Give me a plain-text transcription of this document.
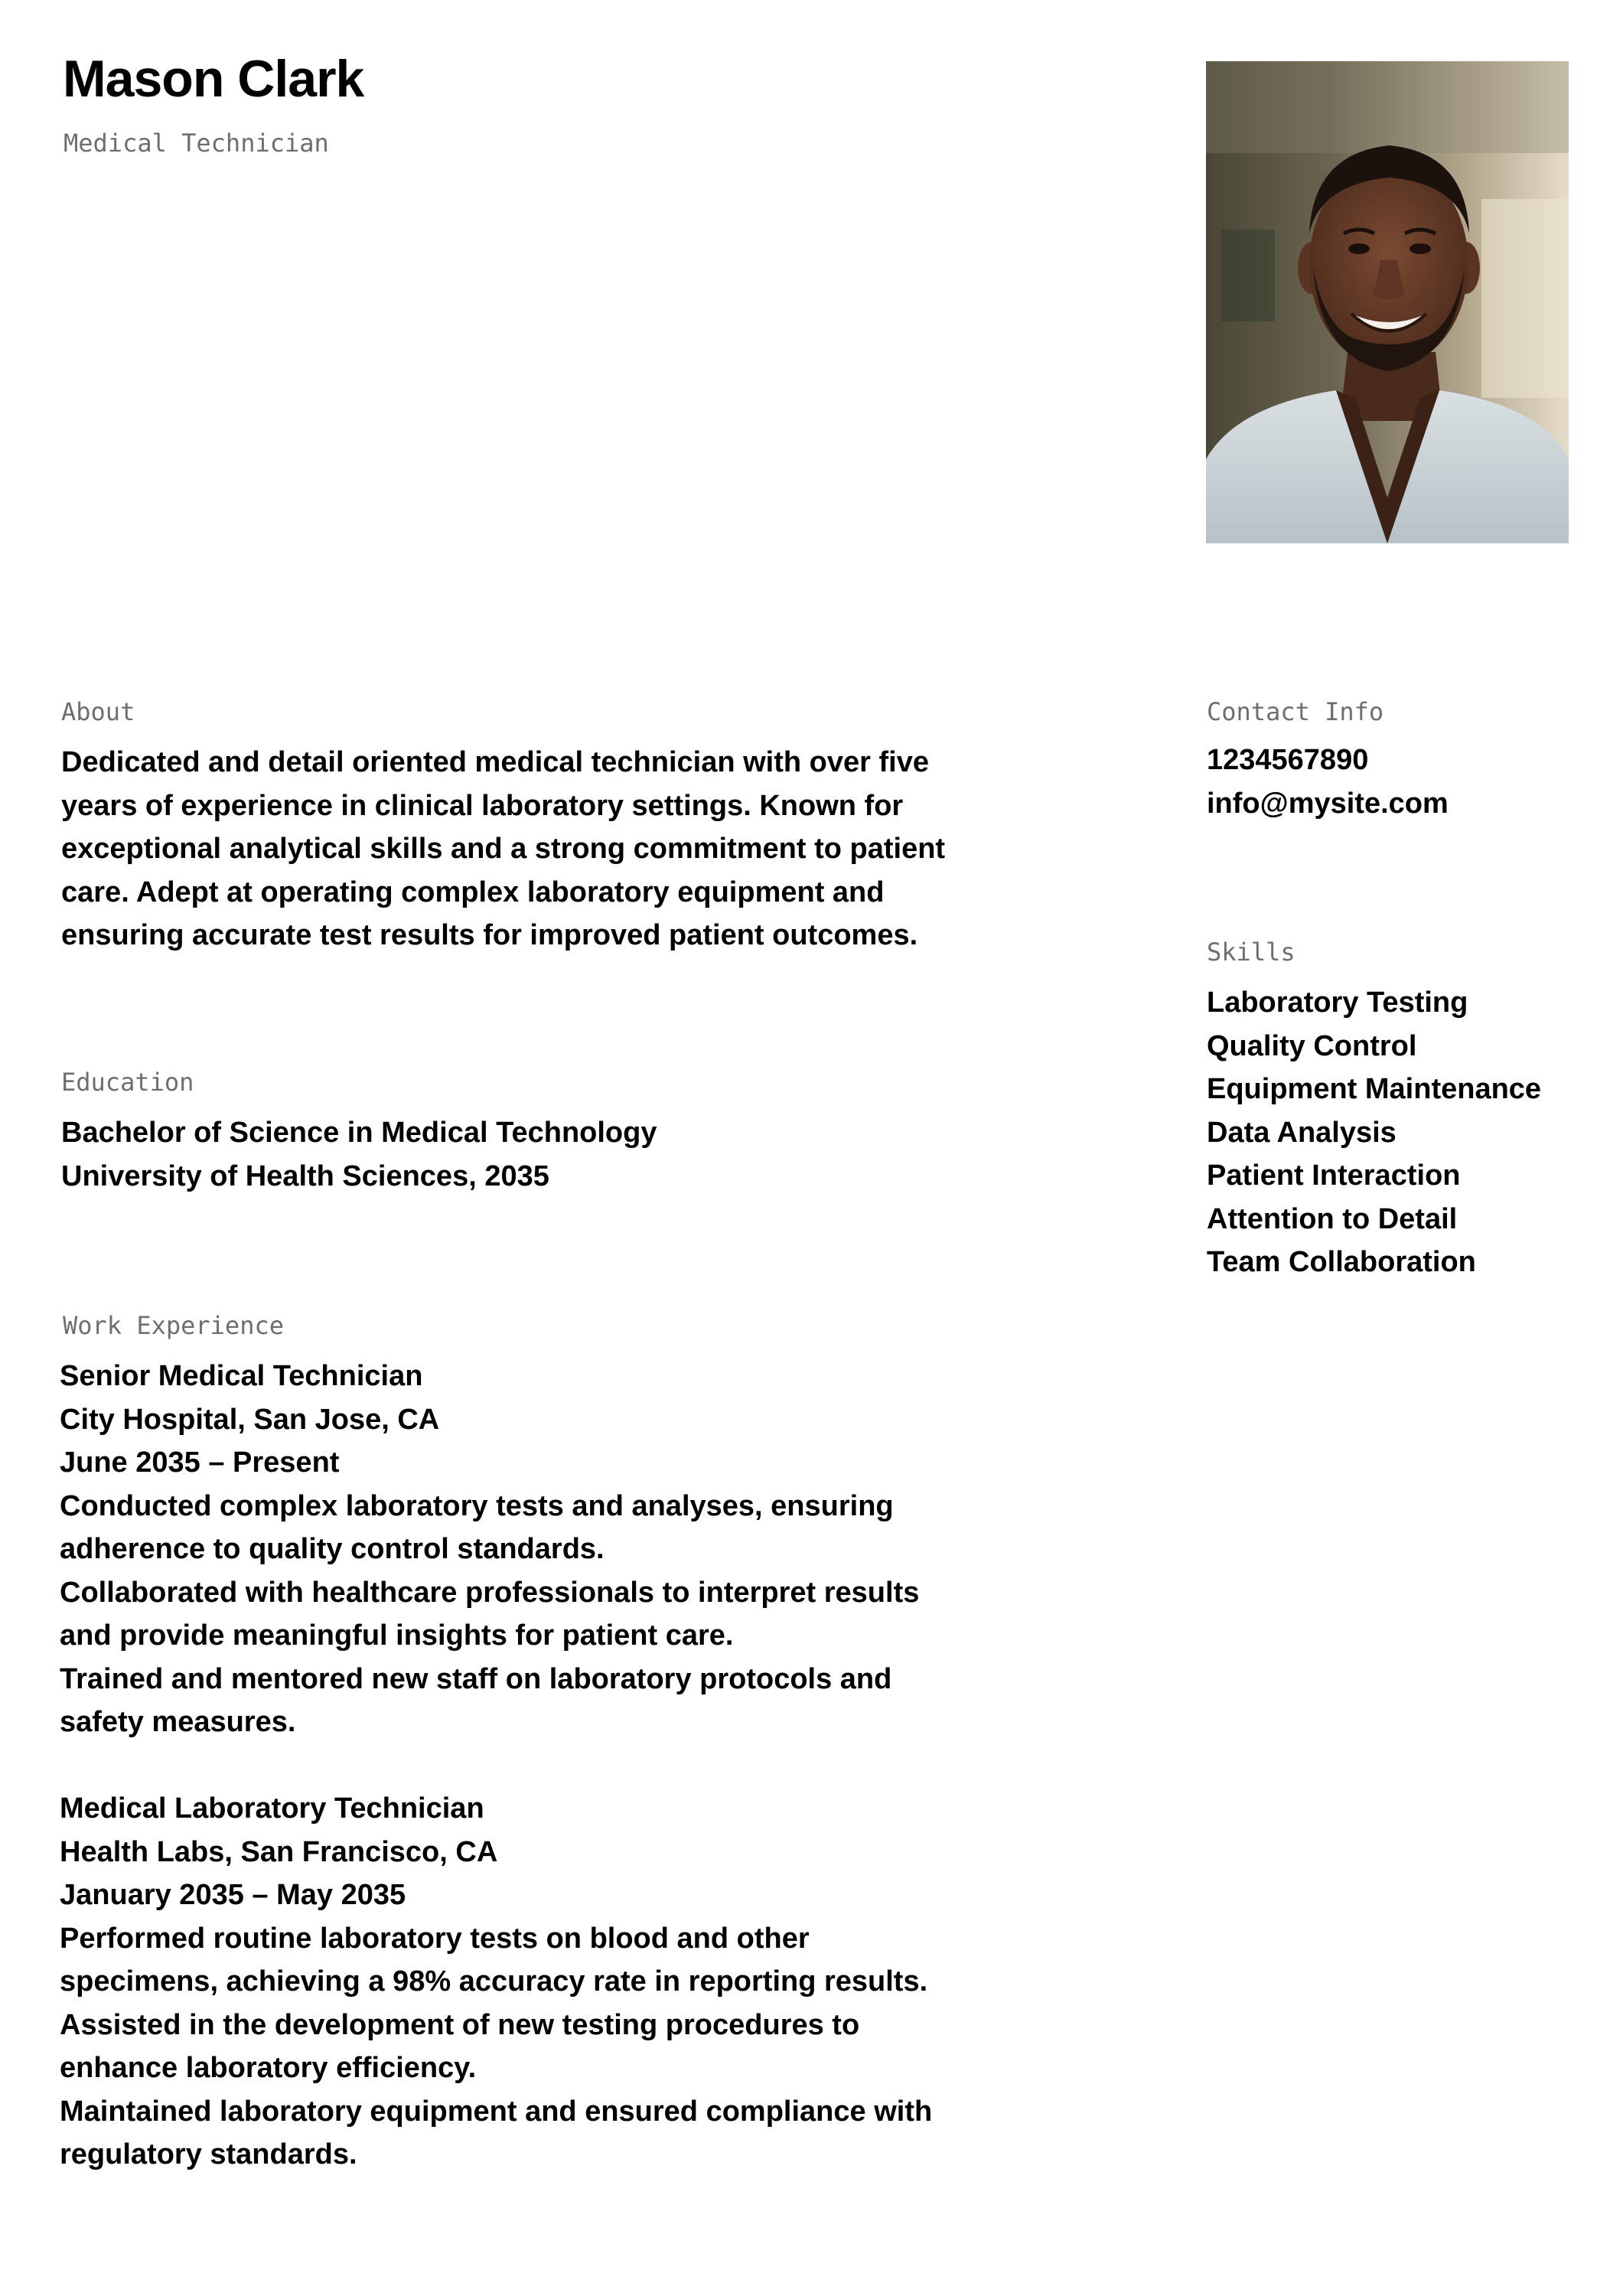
Mason Clark
Medical Technician
About

Dedicated and detail oriented medical technician with over five years of experience in clinical laboratory settings. Known for exceptional analytical skills and a strong commitment to patient care. Adept at operating complex laboratory equipment and ensuring accurate test results for improved patient outcomes.

Education
Bachelor of Science in Medical Technology
University of Health Sciences, 2035
Work Experience
Senior Medical Technician
City Hospital, San Jose, CA
June 2035 – Present
Conducted complex laboratory tests and analyses, ensuring
adherence to quality control standards.
Collaborated with healthcare professionals to interpret results
and provide meaningful insights for patient care.
Trained and mentored new staff on laboratory protocols and
safety measures.
Medical Laboratory Technician
Health Labs, San Francisco, CA
January 2035 – May 2035
Performed routine laboratory tests on blood and other
specimens, achieving a 98% accuracy rate in reporting results.
Assisted in the development of new testing procedures to
enhance laboratory efficiency.
Maintained laboratory equipment and ensured compliance with
regulatory standards.
Contact Info
1234567890
info@mysite.com
Skills
Laboratory Testing
Quality Control
Equipment Maintenance
Data Analysis
Patient Interaction
Attention to Detail
Team Collaboration
